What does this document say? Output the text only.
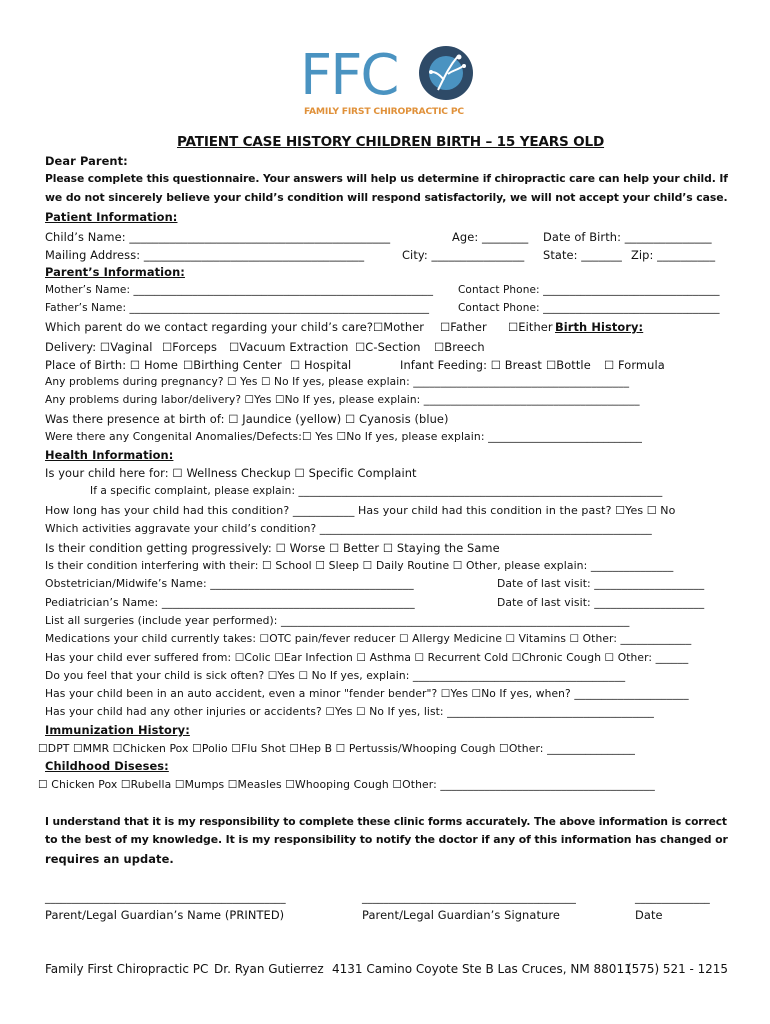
FFC
FAMILY FIRST CHIROPRACTIC PC
PATIENT CASE HISTORY CHILDREN BIRTH – 15 YEARS OLD
Dear Parent:
Please complete this questionnaire. Your answers will help us determine if chiropractic care can help your child. If
we do not sincerely believe your child’s condition will respond satisfactorily, we will not accept your child’s case.
Patient Information:
Child’s Name: _____________________________________________	Age: ________ Date of Birth: _______________
Mailing Address: ______________________________________	City: ________________ State: _______ Zip: __________
Parent’s Information:
Mother’s Name: ________________________________________________________ Contact Phone: _________________________________
Father’s Name: ________________________________________________________	Contact Phone: _________________________________
Which parent do we contact regarding your child’s care? ☐Mother ☐Father ☐Either Birth History:
Delivery: ☐Vaginal ☐Forceps ☐Vacuum Extraction ☐C-Section ☐Breech
Place of Birth: ☐ Home ☐Birthing Center ☐ Hospital	Infant Feeding: ☐ Breast ☐Bottle ☐ Formula
Any problems during pregnancy? ☐ Yes ☐ No If yes, please explain: ________________________________________
Any problems during labor/delivery? ☐Yes ☐No If yes, please explain: ________________________________________
Was there presence at birth of: ☐ Jaundice (yellow) ☐ Cyanosis (blue)
Were there any Congenital Anomalies/Defects:☐ Yes ☐No If yes, please explain: ____________________________
Health Information:
Is your child here for: ☐ Wellness Checkup ☐ Specific Complaint
If a specific complaint, please explain: ____________________________________________________________________
How long has your child had this condition? ___________ Has your child had this condition in the past? ☐Yes ☐ No
Which activities aggravate your child’s condition? _____________________________________________________________
Is their condition getting progressively: ☐ Worse ☐ Better ☐ Staying the Same
Is their condition interfering with their: ☐ School ☐ Sleep ☐ Daily Routine ☐ Other, please explain: _______________
Obstetrician/Midwife’s Name: _____________________________________	Date of last visit: ____________________
Pediatrician’s Name: ______________________________________________	Date of last visit: ____________________
List all surgeries (include year performed): ________________________________________________________________
Medications your child currently takes: ☐OTC pain/fever reducer ☐ Allergy Medicine ☐ Vitamins ☐ Other: _____________
Has your child ever suffered from: ☐Colic ☐Ear Infection ☐ Asthma ☐ Recurrent Cold ☐Chronic Cough ☐ Other: ______
Do you feel that your child is sick often? ☐Yes ☐ No If yes, explain: _______________________________________
Has your child been in an auto accident, even a minor "fender bender"? ☐Yes ☐No If yes, when? _____________________
Has your child had any other injuries or accidents? ☐Yes ☐ No If yes, list: ______________________________________
Immunization History:
☐DPT ☐MMR ☐Chicken Pox ☐Polio ☐Flu Shot ☐Hep B ☐ Pertussis/Whooping Cough ☐Other: ________________
Childhood Diseses:
☐ Chicken Pox ☐Rubella ☐Mumps ☐Measles ☐Whooping Cough ☐Other: _______________________________________
I understand that it is my responsibility to complete these clinic forms accurately. The above information is correct
to the best of my knowledge. It is my responsibility to notify the doctor if any of this information has changed or
requires an update.
_____________________________________________
Parent/Legal Guardian’s Name (PRINTED)
________________________________________
Parent/Legal Guardian’s Signature
______________
Date
Family First Chiropractic PC Dr. Ryan Gutierrez 4131 Camino Coyote Ste B Las Cruces, NM 88011
(575) 521 - 1215
